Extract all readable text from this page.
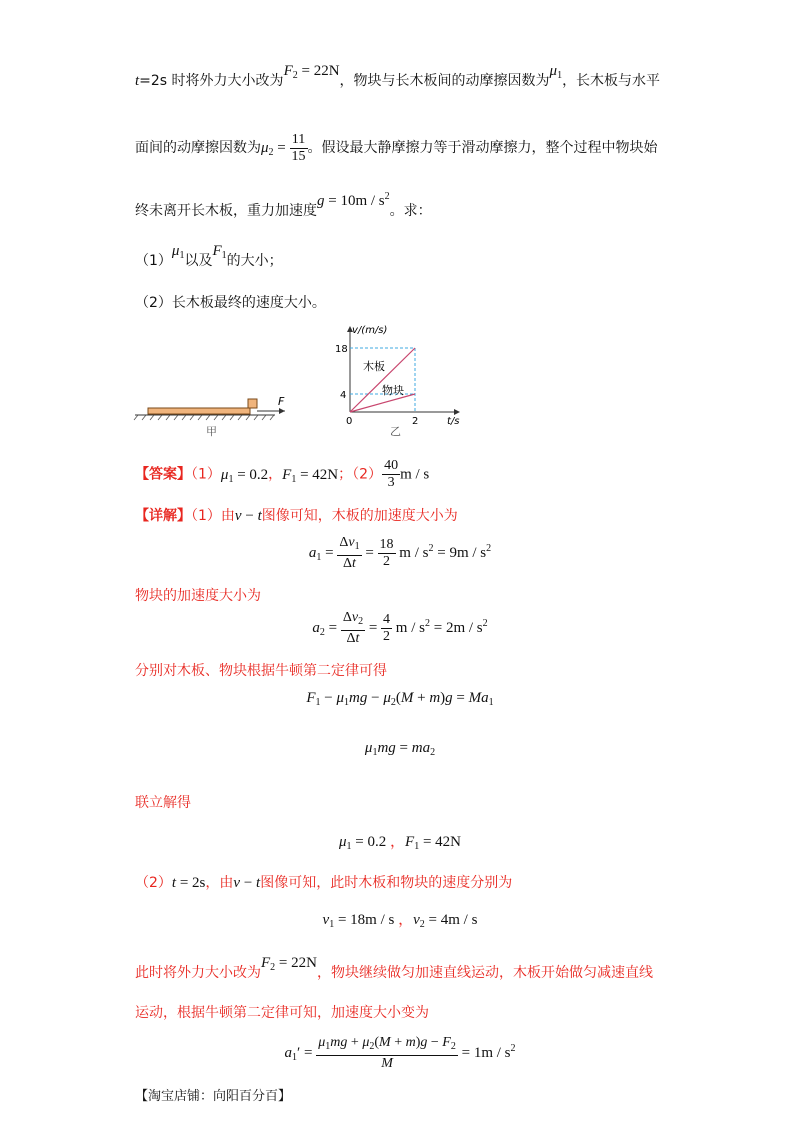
t=2s 时将外力大小改为$F_2 = 22N$，物块与长木板间的动摩擦因数为$\mu_1$，长木板与水平
面间的动摩擦因数为$\mu_2 = \frac{11}{15}$ 。假设最大静摩擦力等于滑动摩擦力，整个过程中物块始
终未离开长木板，重力加速度$g = 10m / s^2$。求：
$(1)\mu_1$以及$F_1$的大小；
（2）长木板最终的速度大小。
F
甲
v/(m/s)
t/s
18
4
0	2
木板
物块
乙
【答案】$(1)\mu_1 = 0.2$，$F_1 = 42N$；$(2) \frac{40}{3}$ m / s
【详解】（1）由v − t图像可知，木板的加速度大小为
$a_1 = \frac{\Delta v_1}{\Delta t} = \frac{18}{2}$ $m / s^2 = 9m / s^2$
物块的加速度大小为
$a_2 = \frac{\Delta v_2}{\Delta t} = \frac{4}{2}$ $m / s^2 = 2m / s^2$
分别对木板、物块根据牛顿第二定律可得
$F_1 - \mu_1mg - \mu_2(M + m)g = Ma_1$
$\mu_1mg = ma_2$
联立解得
$\mu_1 = 0.2$ ，$F_1 = 42N$
（2）t = 2s，由v − t图像可知，此时木板和物块的速度分别为
$v_1 = 18m / s$ ，$v_2 = 4m / s$
此时将外力大小改为$F_2 = 22N$，物块继续做匀加速直线运动，木板开始做匀减速直线
运动，根据牛顿第二定律可知，加速度大小变为
$a_1' = \frac{\mu_1mg + \mu_2(M + m)g - F_2}{M} = 1m / s^2$
【淘宝店铺：向阳百分百】
